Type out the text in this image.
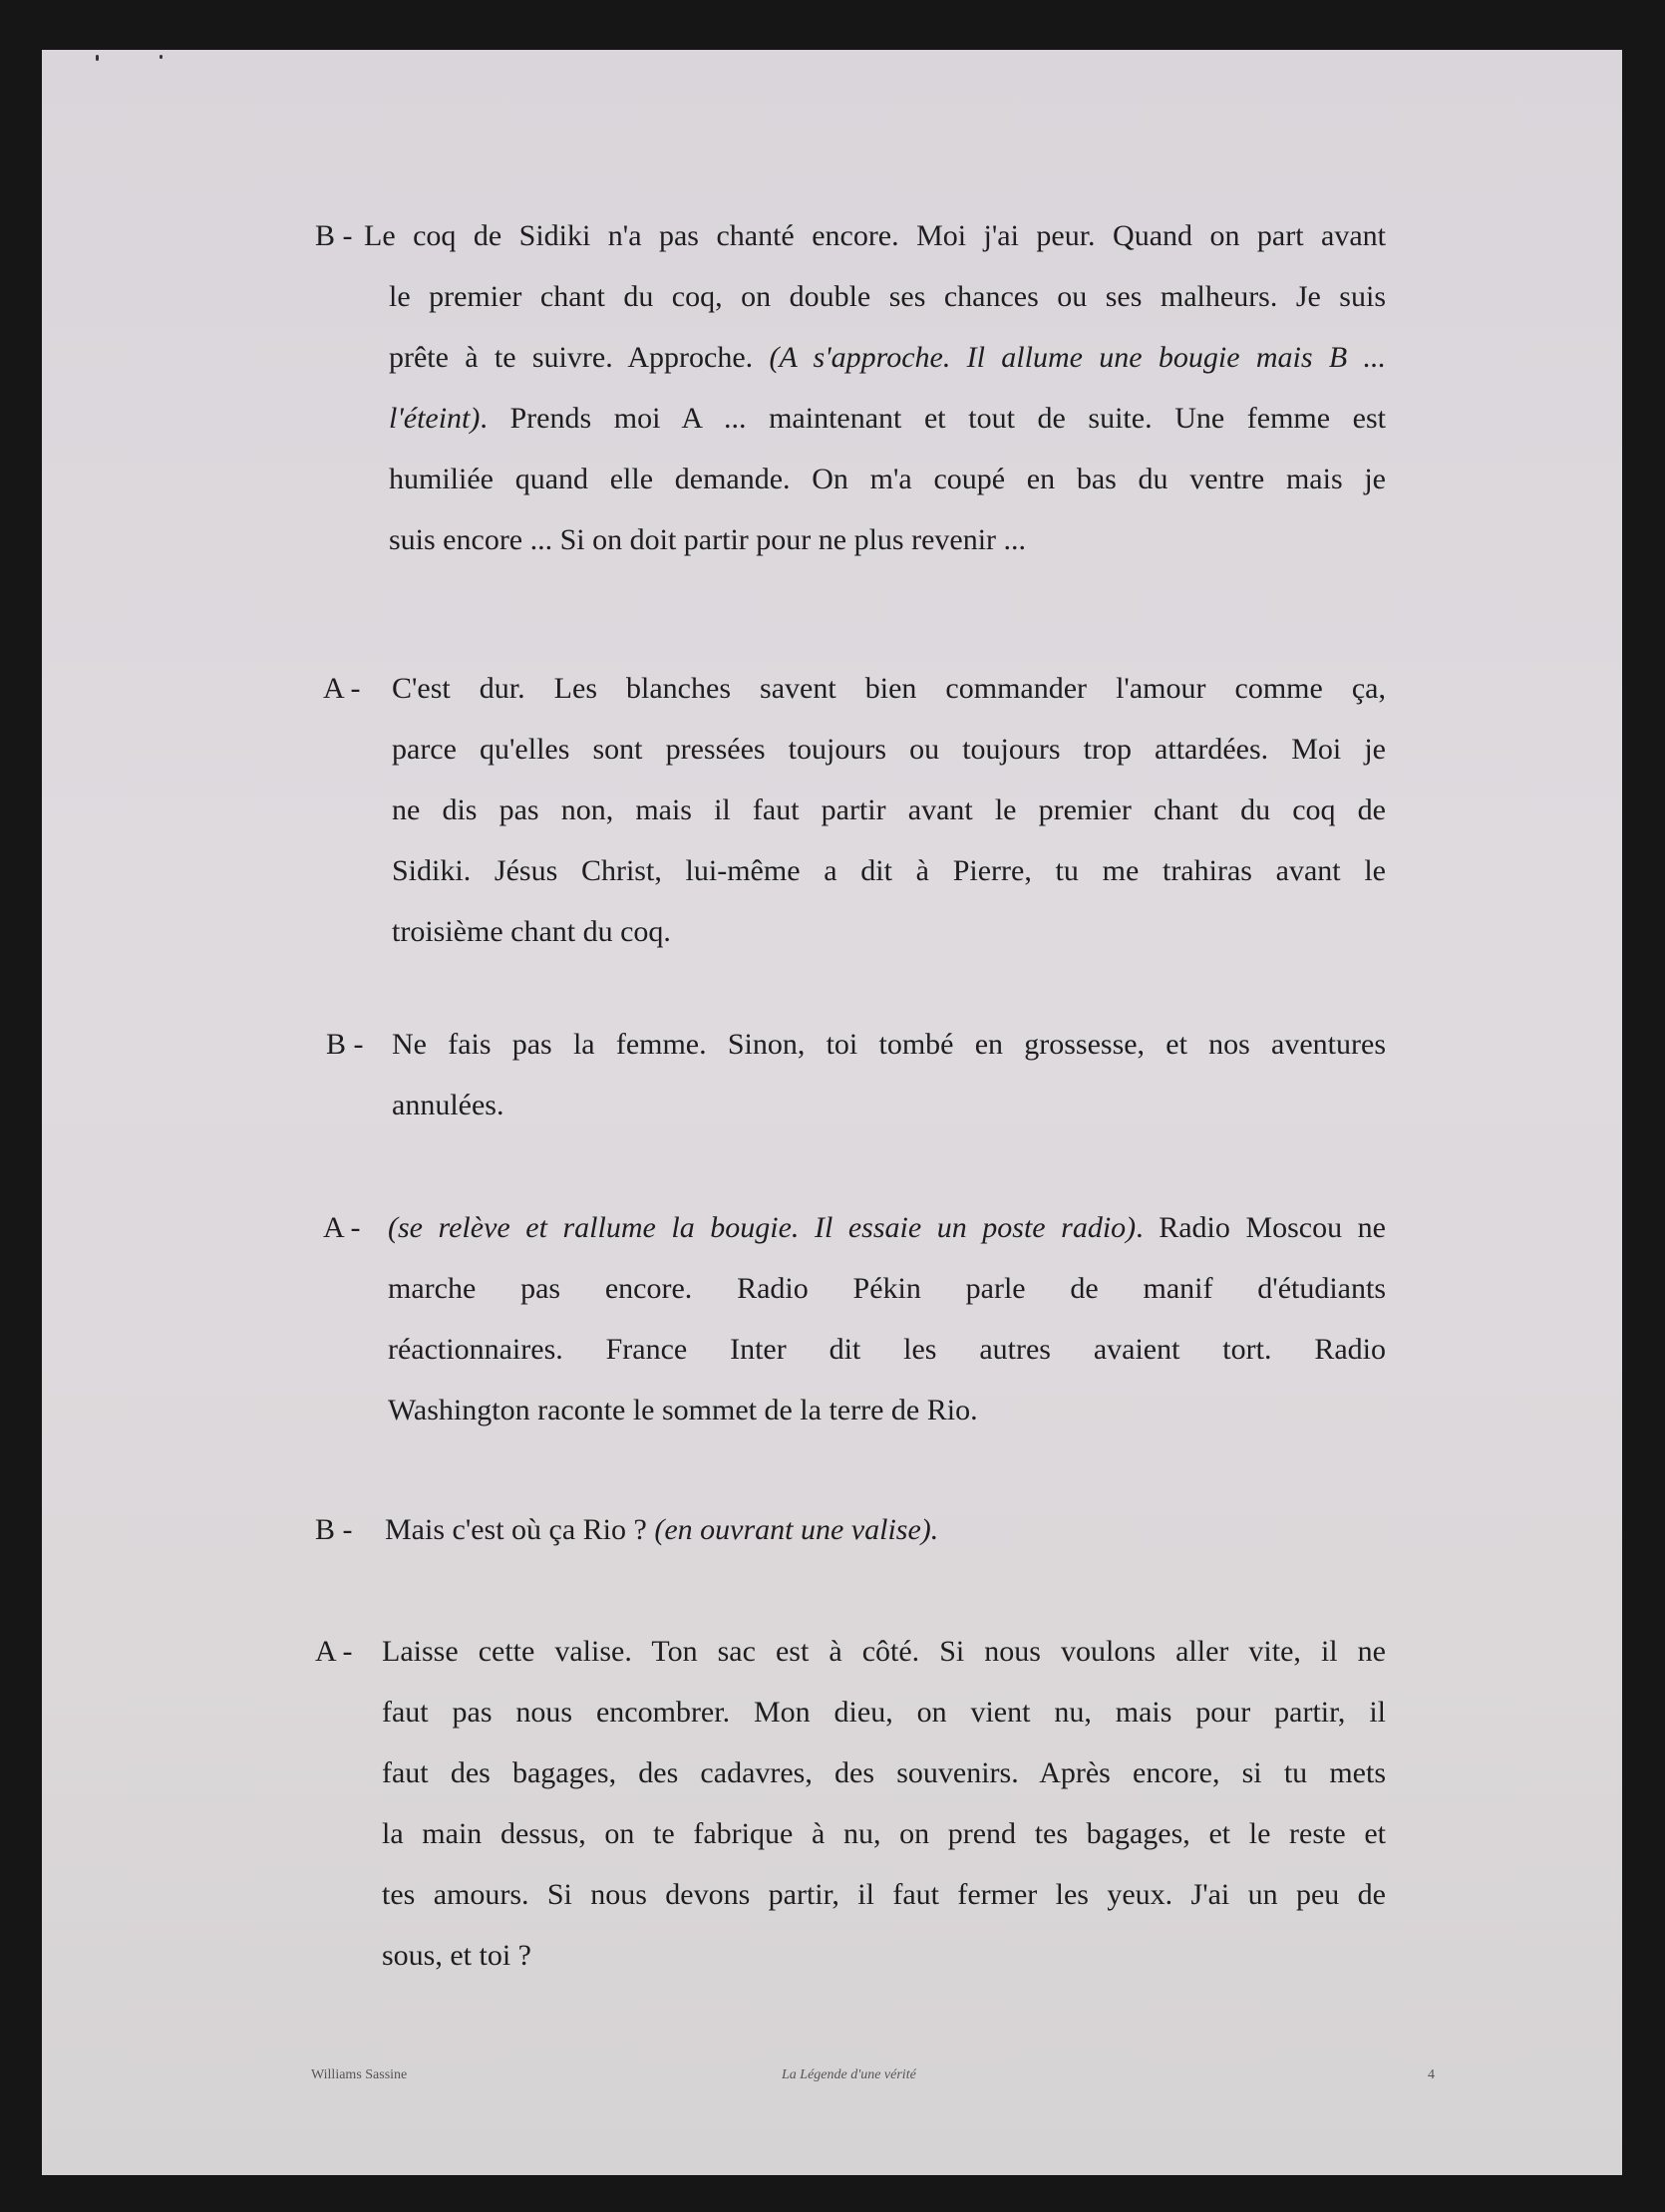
B - Le coq de Sidiki n'a pas chanté encore. Moi j'ai peur. Quand on part avant
le premier chant du coq, on double ses chances ou ses malheurs. Je suis
prête à te suivre. Approche. (A s'approche. Il allume une bougie mais B ...
l'éteint). Prends moi A ... maintenant et tout de suite. Une femme est
humiliée quand elle demande. On m'a coupé en bas du ventre mais je
suis encore ... Si on doit partir pour ne plus revenir ...
A - C'est dur. Les blanches savent bien commander l'amour comme ça,
parce qu'elles sont pressées toujours ou toujours trop attardées. Moi je
ne dis pas non, mais il faut partir avant le premier chant du coq de
Sidiki. Jésus Christ, lui-même a dit à Pierre, tu me trahiras avant le
troisième chant du coq.
B - Ne fais pas la femme. Sinon, toi tombé en grossesse, et nos aventures
annulées.
A - (se relève et rallume la bougie. Il essaie un poste radio). Radio Moscou ne
marche pas encore. Radio Pékin parle de manif d'étudiants
réactionnaires. France Inter dit les autres avaient tort. Radio
Washington raconte le sommet de la terre de Rio.
B - Mais c'est où ça Rio ? (en ouvrant une valise).
A - Laisse cette valise. Ton sac est à côté. Si nous voulons aller vite, il ne
faut pas nous encombrer. Mon dieu, on vient nu, mais pour partir, il
faut des bagages, des cadavres, des souvenirs. Après encore, si tu mets
la main dessus, on te fabrique à nu, on prend tes bagages, et le reste et
tes amours. Si nous devons partir, il faut fermer les yeux. J'ai un peu de
sous, et toi ?
Williams Sassine	La Légende d'une vérité	4
